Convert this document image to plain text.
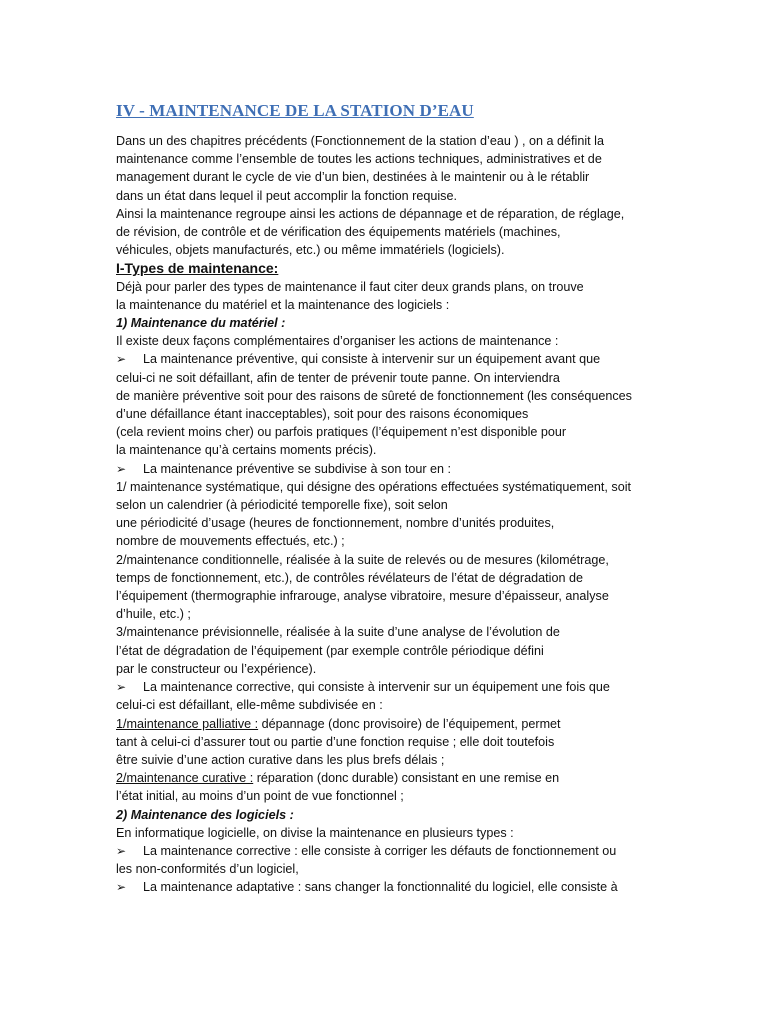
IV - MAINTENANCE DE LA STATION D’EAU
Dans un des chapitres précédents (Fonctionnement de la station d’eau ) , on a définit la
maintenance comme l’ensemble de toutes les actions techniques, administratives et de
management durant le cycle de vie d’un bien, destinées à le maintenir ou à le rétablir
dans un état dans lequel il peut accomplir la fonction requise.
Ainsi la maintenance regroupe ainsi les actions de dépannage et de réparation, de réglage,
de révision, de contrôle et de vérification des équipements matériels (machines,
véhicules, objets manufacturés, etc.) ou même immatériels (logiciels).
I-Types de maintenance:
Déjà pour parler des types de maintenance il faut citer deux grands plans, on trouve
la maintenance du matériel et la maintenance des logiciels :
1) Maintenance du matériel :
Il existe deux façons complémentaires d’organiser les actions de maintenance :
➢ La maintenance préventive, qui consiste à intervenir sur un équipement avant que
celui-ci ne soit défaillant, afin de tenter de prévenir toute panne. On interviendra
de manière préventive soit pour des raisons de sûreté de fonctionnement (les conséquences
d’une défaillance étant inacceptables), soit pour des raisons économiques
(cela revient moins cher) ou parfois pratiques (l’équipement n’est disponible pour
la maintenance qu’à certains moments précis).
➢ La maintenance préventive se subdivise à son tour en :
1/ maintenance systématique, qui désigne des opérations effectuées systématiquement, soit
selon un calendrier (à périodicité temporelle fixe), soit selon
une périodicité d’usage (heures de fonctionnement, nombre d’unités produites,
nombre de mouvements effectués, etc.) ;
2/maintenance conditionnelle, réalisée à la suite de relevés ou de mesures (kilométrage,
temps de fonctionnement, etc.), de contrôles révélateurs de l’état de dégradation de
l’équipement (thermographie infrarouge, analyse vibratoire, mesure d’épaisseur, analyse
d’huile, etc.) ;
3/maintenance prévisionnelle, réalisée à la suite d’une analyse de l’évolution de
l’état de dégradation de l’équipement (par exemple contrôle périodique défini
par le constructeur ou l’expérience).
➢ La maintenance corrective, qui consiste à intervenir sur un équipement une fois que
celui-ci est défaillant, elle-même subdivisée en :
1/maintenance palliative : dépannage (donc provisoire) de l’équipement, permet
tant à celui-ci d’assurer tout ou partie d’une fonction requise ; elle doit toutefois
être suivie d’une action curative dans les plus brefs délais ;
2/maintenance curative : réparation (donc durable) consistant en une remise en
l’état initial, au moins d’un point de vue fonctionnel ;
2) Maintenance des logiciels :
En informatique logicielle, on divise la maintenance en plusieurs types :
➢ La maintenance corrective : elle consiste à corriger les défauts de fonctionnement ou
les non-conformités d’un logiciel,
➢ La maintenance adaptative : sans changer la fonctionnalité du logiciel, elle consiste à
